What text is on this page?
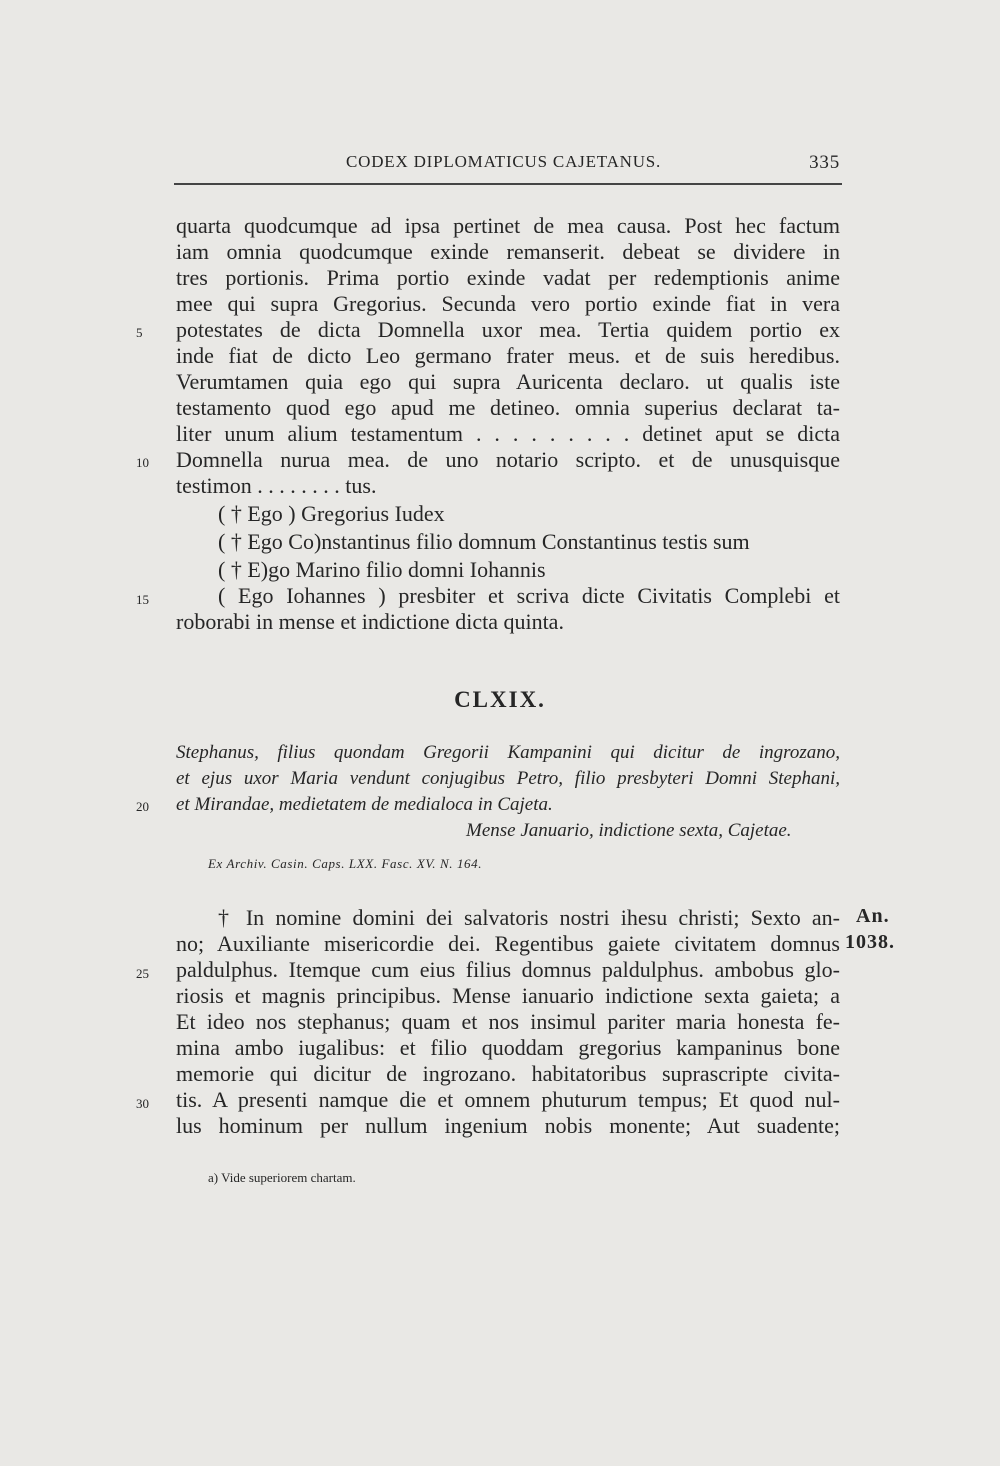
CODEX DIPLOMATICUS CAJETANUS.	335
quarta quodcumque ad ipsa pertinet de mea causa. Post hec factum
iam omnia quodcumque exinde remanserit. debeat se dividere in
tres portionis. Prima portio exinde vadat per redemptionis anime
mee qui supra Gregorius. Secunda vero portio exinde fiat in vera
5	potestates de dicta Domnella uxor mea. Tertia quidem portio ex
inde fiat de dicto Leo germano frater meus. et de suis heredibus.
Verumtamen quia ego qui supra Auricenta declaro. ut qualis iste
testamento quod ego apud me detineo. omnia superius declarat ta-
liter unum alium testamentum . . . . . . . . . detinet aput se dicta
10	Domnella nurua mea. de uno notario scripto. et de unusquisque
testimon . . . . . . . . tus.
( † Ego ) Gregorius Iudex
( † Ego Co)nstantinus filio domnum Constantinus testis sum
( † E)go Marino filio domni Iohannis
15	( Ego Iohannes ) presbiter et scriva dicte Civitatis Complebi et
roborabi in mense et indictione dicta quinta.
CLXIX.
Stephanus, filius quondam Gregorii Kampanini qui dicitur de ingrozano,
et ejus uxor Maria vendunt conjugibus Petro, filio presbyteri Domni Stephani,
20	et Mirandae, medietatem de medialoca in Cajeta.
Mense Januario, indictione sexta, Cajetae.
Ex Archiv. Casin. Caps. LXX. Fasc. XV. N. 164.
† In nomine domini dei salvatoris nostri ihesu christi; Sexto an- An.
no; Auxiliante misericordie dei. Regentibus gaiete civitatem domnus 1038.
25	paldulphus. Itemque cum eius filius domnus paldulphus. ambobus glo-
riosis et magnis principibus. Mense ianuario indictione sexta gaieta; a
Et ideo nos stephanus; quam et nos insimul pariter maria honesta fe-
mina ambo iugalibus: et filio quoddam gregorius kampaninus bone
memorie qui dicitur de ingrozano. habitatoribus suprascripte civita-
30	tis. A presenti namque die et omnem phuturum tempus; Et quod nul-
lus hominum per nullum ingenium nobis monente; Aut suadente;
a) Vide superiorem chartam.
